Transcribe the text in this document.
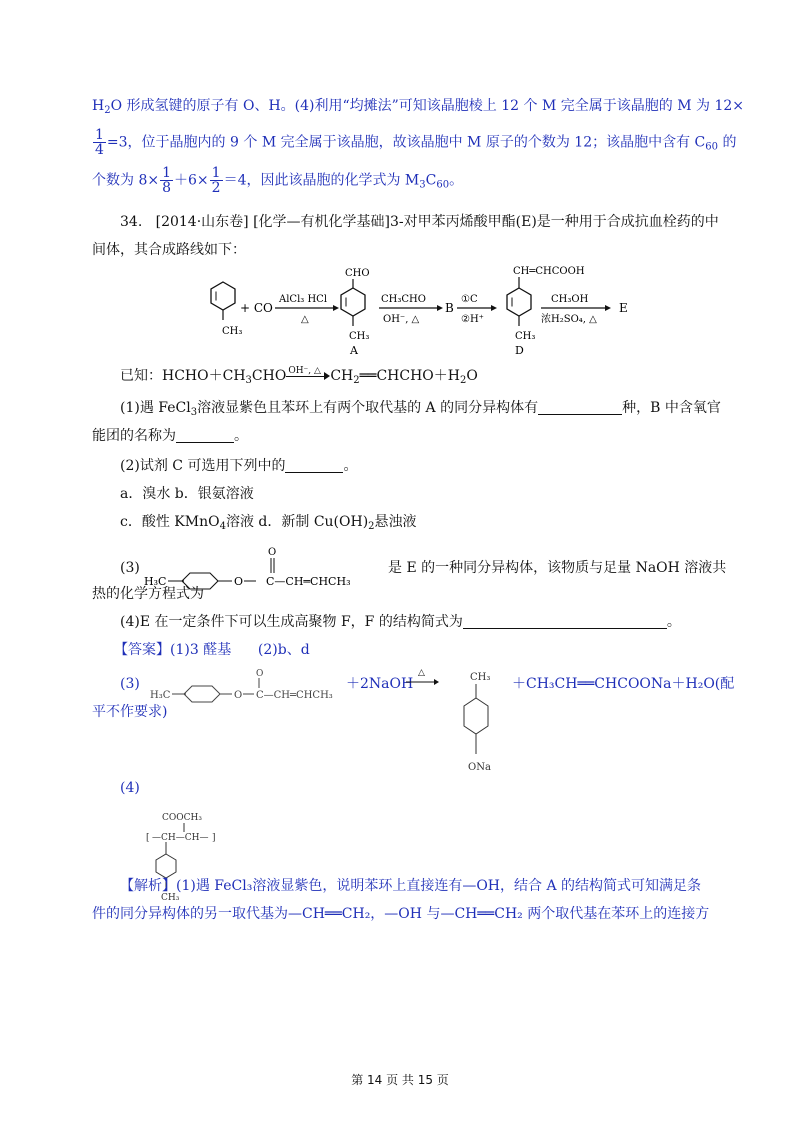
$H_2O$ 形成氢键的原子有 O、H。(4)利用“均摊法”可知该晶胞棱上 12 个 M 完全属于该晶胞的 M 为 12×
$\frac{1}{4} =3$，位于晶胞内的 9 个 M 完全属于该晶胞，故该晶胞中 M 原子的个数为 12；该晶胞中含有 $C_{60}$ 的
个数为 $8\times \frac{1}{8} +6\times \frac{1}{2} =4$，因此该晶胞的化学式为 $M_3C_{60}$。
34. [2014·山东卷] [化学—有机化学基础]3-对甲苯丙烯酸甲酯(E)是一种用于合成抗血栓药的中
间体，其合成路线如下：
CH₃
+ CO
AlCl₃ HCl
△
CHO
CH₃
A
CH₃CHO
OH⁻, △
B
①C
②H⁺
CH═CHCOOH
CH₃
D
CH₃OH
浓H₂SO₄, △
E
已知：$HCHO+CH_3CHO$ OH⁻, △ $CH_2══CHCHO+H_2O$
(1)遇 FeCl$_3$溶液显紫色且苯环上有两个取代基的 A 的同分异构体有	种，B 中含氧官
能团的名称为	。
(2)试剂 C 可选用下列中的	。
a．溴水 b．银氨溶液
c．酸性 KMnO$_4$溶液 d．新制 $Cu(OH)_2$悬浊液
(3)
H₃C	O
O
C—CH═CHCH₃
是 E 的一种同分异构体，该物质与足量 NaOH 溶液共
热的化学方程式为
(4)E 在一定条件下可以生成高聚物 F，F 的结构简式为	。
【答案】(1)3 醛基 (2)b、d
(3)
H₃C	O
O
C—CH═CHCH₃
＋2NaOH
△	CH₃
ONa
＋CH₃CH══CHCOONa＋H₂O(配
平不作要求)
(4)
COOCH₃
[ —CH—CH— ]
CH₃
【解析】(1)遇 FeCl₃溶液显紫色，说明苯环上直接连有—OH，结合 A 的结构简式可知满足条
件的同分异构体的另一取代基为—CH══CH₂，—OH 与—CH══CH₂ 两个取代基在苯环上的连接方
第 14 页 共 15 页
